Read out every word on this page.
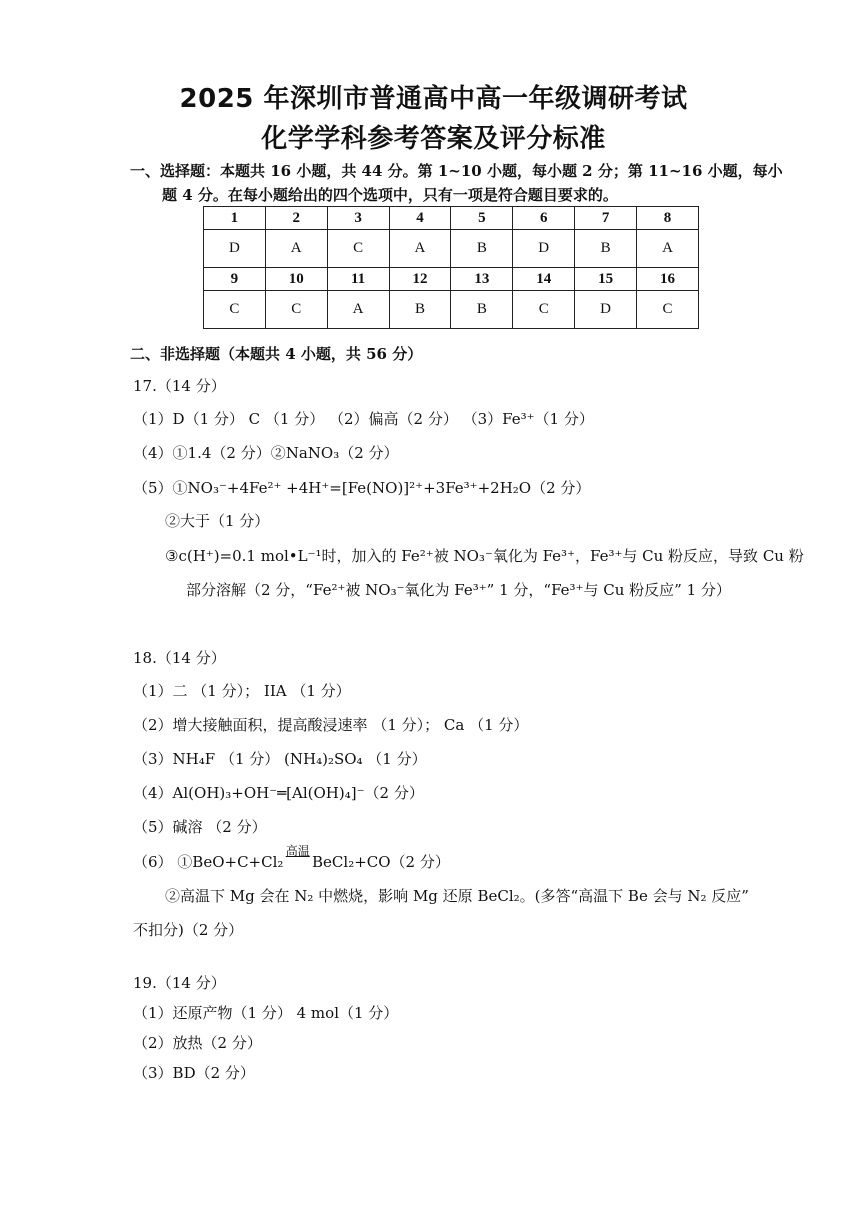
2025 年深圳市普通高中高一年级调研考试
化学学科参考答案及评分标准
一、选择题：本题共 16 小题，共 44 分。第 1~10 小题，每小题 2 分；第 11~16 小题，每小
题 4 分。在每小题给出的四个选项中，只有一项是符合题目要求的。
1	2	3	4	5	6	7	8
D	A	C	A	B	D	B	A
9	10	11	12	13	14	15	16
C	C	A	B	B	C	D	C
二、非选择题（本题共 4 小题，共 56 分）
17.（14 分）
（1）D（1 分） C （1 分） （2）偏高（2 分） （3）Fe³⁺（1 分）
（4）①1.4（2 分）②NaNO₃（2 分）
（5）①NO₃⁻+4Fe²⁺ +4H⁺=[Fe(NO)]²⁺+3Fe³⁺+2H₂O（2 分）
②大于（1 分）
③c(H⁺)=0.1 mol•L⁻¹时，加入的 Fe²⁺被 NO₃⁻氧化为 Fe³⁺，Fe³⁺与 Cu 粉反应，导致 Cu 粉
部分溶解（2 分，“Fe²⁺被 NO₃⁻氧化为 Fe³⁺” 1 分，“Fe³⁺与 Cu 粉反应” 1 分）
18.（14 分）
（1）二 （1 分）； IIA （1 分）
（2）增大接触面积，提高酸浸速率 （1 分）； Ca （1 分）
（3）NH₄F （1 分） (NH₄)₂SO₄ （1 分）
（4）Al(OH)₃+OH⁻═[Al(OH)₄]⁻（2 分）
（5）碱溶 （2 分）
（6） ①BeO+C+Cl₂
高温
BeCl₂+CO（2 分）
②高温下 Mg 会在 N₂ 中燃烧，影响 Mg 还原 BeCl₂。(多答“高温下 Be 会与 N₂ 反应”
不扣分)（2 分）
19.（14 分）
（1）还原产物（1 分） 4 mol（1 分）
（2）放热（2 分）
（3）BD（2 分）
